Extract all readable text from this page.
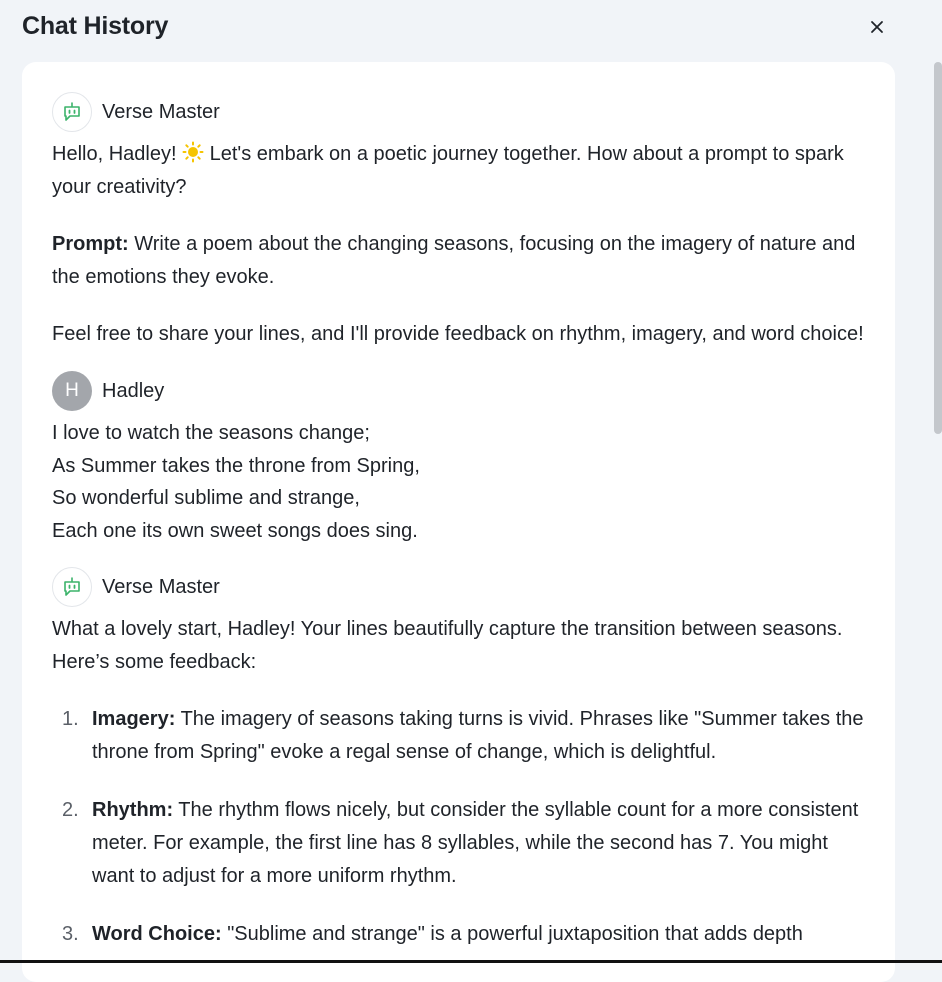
Chat History
Verse Master
Hello, Hadley!  Let's embark on a poetic journey together. How about a prompt to spark your creativity?
Prompt: Write a poem about the changing seasons, focusing on the imagery of nature and the emotions they evoke.
Feel free to share your lines, and I'll provide feedback on rhythm, imagery, and word choice!
H	Hadley
I love to watch the seasons change;
As Summer takes the throne from Spring,
So wonderful sublime and strange,
Each one its own sweet songs does sing.
Verse Master
What a lovely start, Hadley! Your lines beautifully capture the transition between seasons. Here’s some feedback:
1. Imagery: The imagery of seasons taking turns is vivid. Phrases like "Summer takes the throne from Spring" evoke a regal sense of change, which is delightful.
2. Rhythm: The rhythm flows nicely, but consider the syllable count for a more consistent meter. For example, the first line has 8 syllables, while the second has 7. You might want to adjust for a more uniform rhythm.
3. Word Choice: "Sublime and strange" is a powerful juxtaposition that adds depth
